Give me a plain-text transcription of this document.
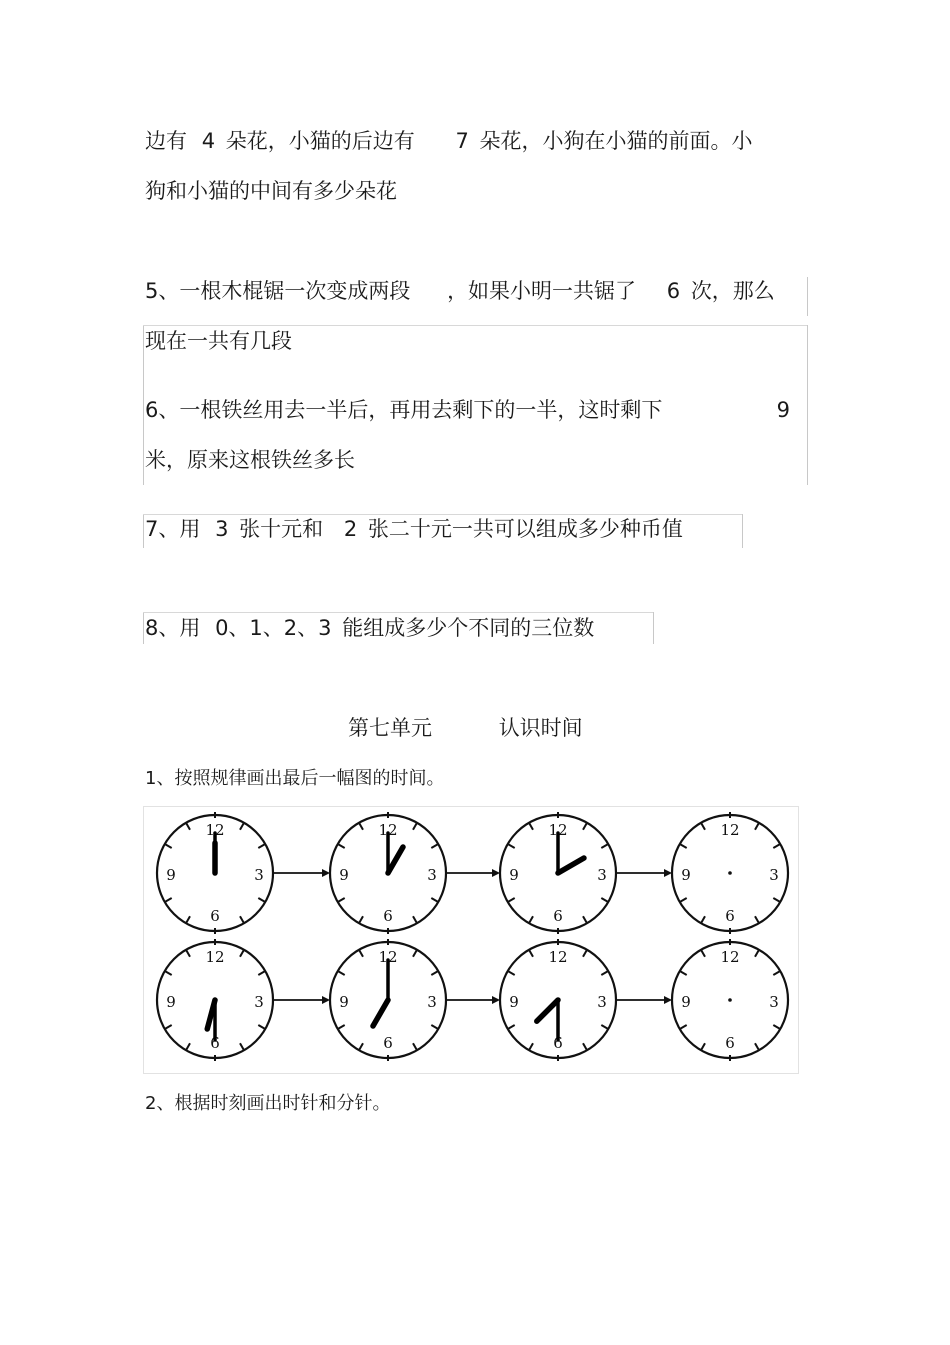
边有 4 朵花，小猫的后边有 7 朵花，小狗在小猫的前面。小
狗和小猫的中间有多少朵花
5、一根木棍锯一次变成两段 ，如果小明一共锯了 6 次，那么
现在一共有几段
6、一根铁丝用去一半后，再用去剩下的一半，这时剩下	9
米，原来这根铁丝多长
7、用 3 张十元和 2 张二十元一共可以组成多少种币值
8、用 0、1、2、3 能组成多少个不同的三位数
第七单元	认识时间
1、按照规律画出最后一幅图的时间。
12
3
6
9
12
3
6
9
12
3
6
9
12
3
6
9
12
3
6
9
12
3
6
9
12
3
6
9
12
3
6
9
2、根据时刻画出时针和分针。
